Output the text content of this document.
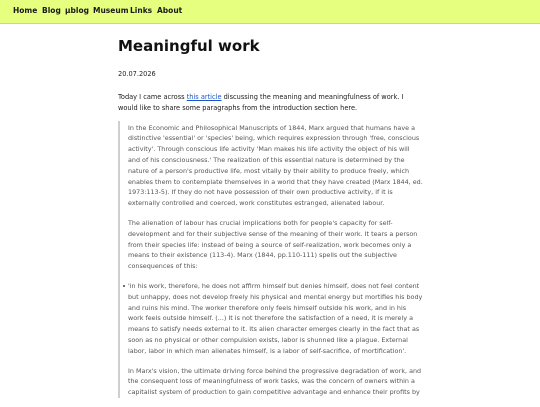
Home Blog μblog Museum Links About
Meaningful work
20.07.2026

Today I came across this article discussing the meaning and meaningfulness of work. I would like to share some paragraphs from the introduction section here.

In the Economic and Philosophical Manuscripts of 1844, Marx argued that humans have a distinctive 'essential' or 'species' being, which requires expression through 'free, conscious activity'. Through conscious life activity 'Man makes his life activity the object of his will and of his consciousness.' The realization of this essential nature is determined by the nature of a person's productive life, most vitally by their ability to produce freely, which enables them to contemplate themselves in a world that they have created (Marx 1844, ed. 1973:113-5). If they do not have possession of their own productive activity, if it is externally controlled and coerced, work constitutes estranged, alienated labour.

The alienation of labour has crucial implications both for people's capacity for self-development and for their subjective sense of the meaning of their work. It tears a person from their species life: instead of being a source of self-realization, work becomes only a means to their existence (113-4). Marx (1844, pp.110-111) spells out the subjective consequences of this:

'in his work, therefore, he does not affirm himself but denies himself, does not feel content but unhappy, does not develop freely his physical and mental energy but mortifies his body and ruins his mind. The worker therefore only feels himself outside his work, and in his work feels outside himself. (...) It is not therefore the satisfaction of a need, it is merely a means to satisfy needs external to it. Its alien character emerges clearly in the fact that as soon as no physical or other compulsion exists, labor is shunned like a plague. External labor, labor in which man alienates himself, is a labor of self-sacrifice, of mortification'.

In Marx's vision, the ultimate driving force behind the progressive degradation of work, and the consequent loss of meaningfulness of work tasks, was the concern of owners within a capitalist system of production to gain competitive advantage and enhance their profits by
